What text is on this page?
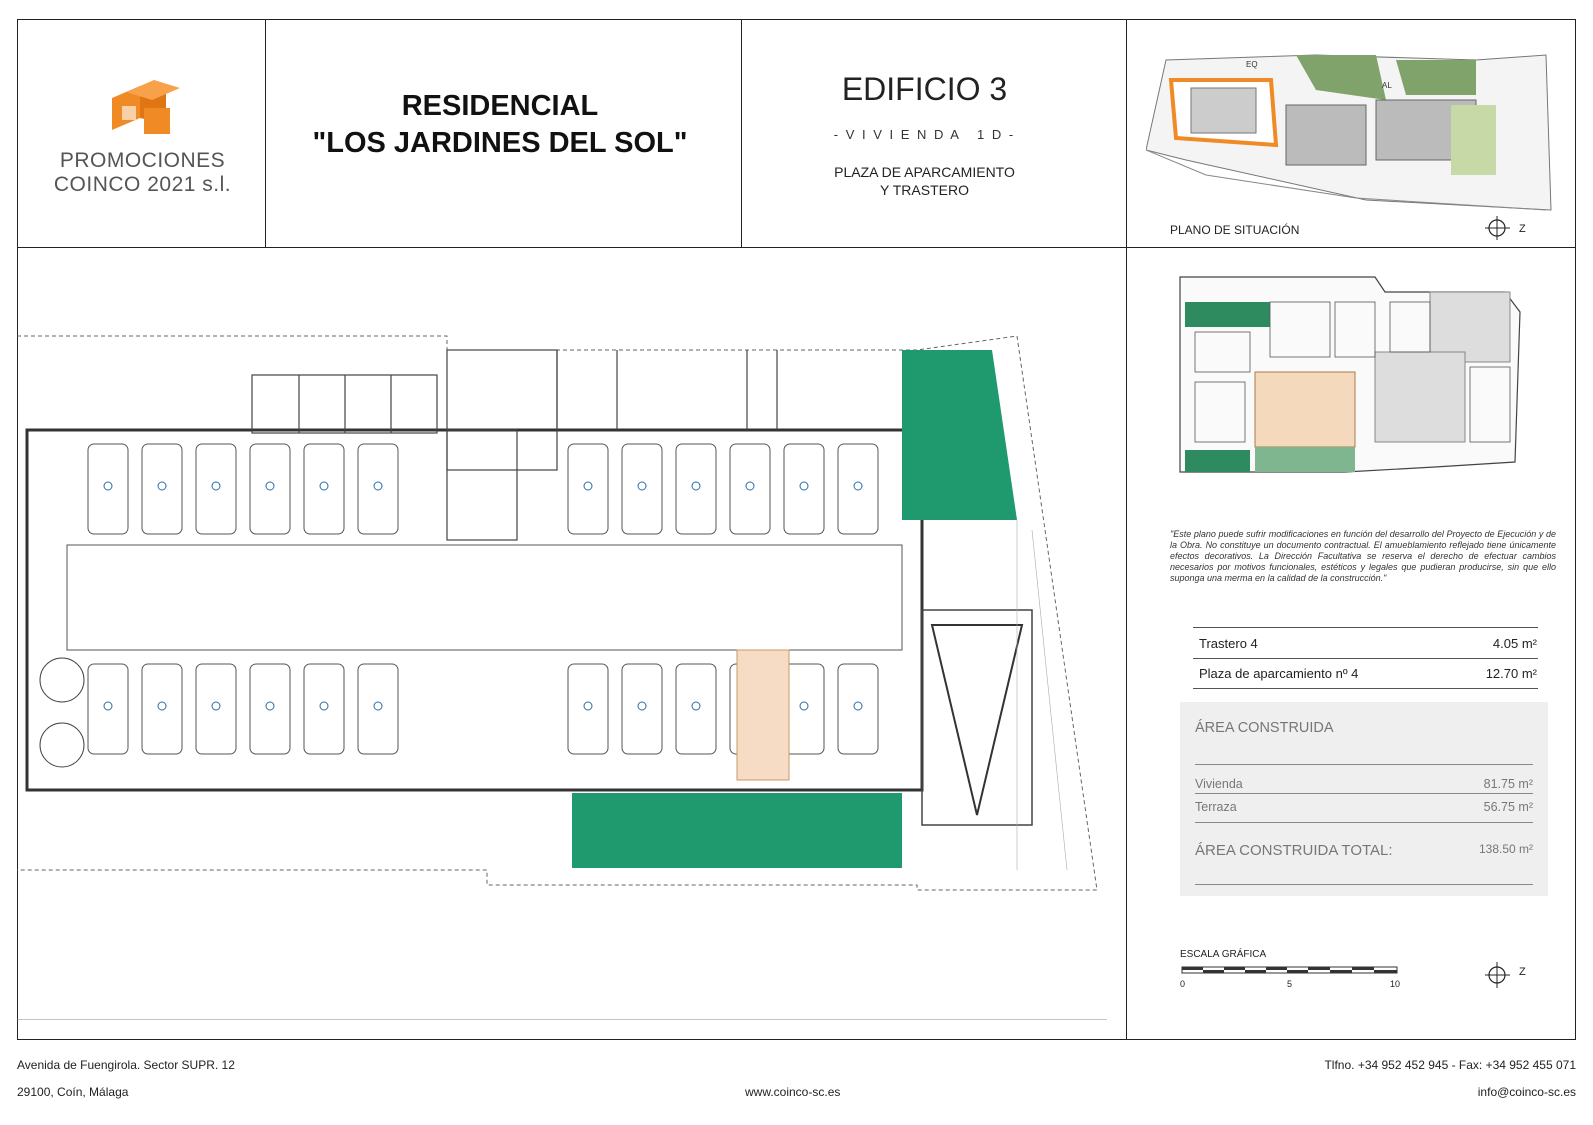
PROMOCIONES
COINCO 2021 s.l.
RESIDENCIAL
"LOS JARDINES DEL SOL"
EDIFICIO 3
- V I V I E N D A   1 D -
PLAZA DE APARCAMIENTO
Y TRASTERO
EQ
AL
PLANO DE SITUACIÓN	Z
"Este plano puede sufrir modificaciones en función del desarrollo del Proyecto de Ejecución y de la Obra. No constituye un documento contractual. El amueblamiento reflejado tiene únicamente efectos decorativos. La Dirección Facultativa se reserva el derecho de efectuar cambios necesarios por motivos funcionales, estéticos y legales que pudieran producirse, sin que ello suponga una merma en la calidad de la construcción."
Trastero 4	4.05 m²
Plaza de aparcamiento nº 4	12.70 m²
ÁREA CONSTRUIDA
Vivienda	81.75 m²
Terraza	56.75 m²
ÁREA CONSTRUIDA TOTAL:	138.50 m²
ESCALA GRÁFICA
0	5	10
Z
Avenida de Fuengirola. Sector SUPR. 12
29100, Coín, Málaga	www.coinco-sc.es
Tlfno. +34 952 452 945 - Fax: +34 952 455 071
info@coinco-sc.es
